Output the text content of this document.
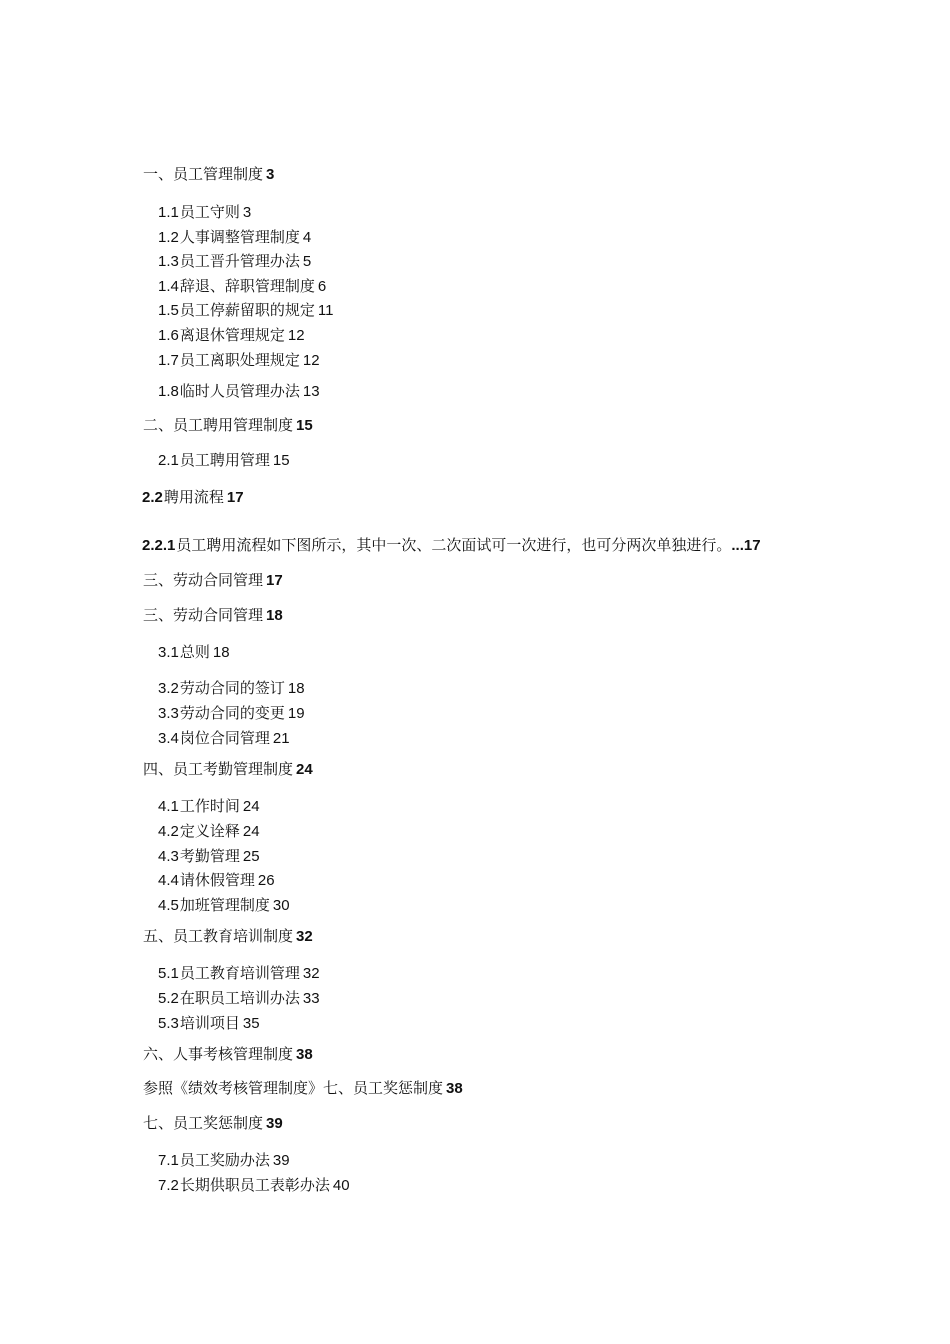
一、员工管理制度 3
1.1员工守则 3
1.2人事调整管理制度 4
1.3员工晋升管理办法 5
1.4辞退、辞职管理制度 6
1.5员工停薪留职的规定 11
1.6离退休管理规定 12
1.7员工离职处理规定 12
1.8临时人员管理办法 13
二、员工聘用管理制度 15
2.1员工聘用管理 15
2.2聘用流程 17
2.2.1员工聘用流程如下图所示，其中一次、二次面试可一次进行，也可分两次单独进行。...17
三、劳动合同管理 17
三、劳动合同管理 18
3.1总则 18
3.2劳动合同的签订 18
3.3劳动合同的变更 19
3.4岗位合同管理 21
四、员工考勤管理制度 24
4.1工作时间 24
4.2定义诠释 24
4.3考勤管理 25
4.4请休假管理 26
4.5加班管理制度 30
五、员工教育培训制度 32
5.1员工教育培训管理 32
5.2在职员工培训办法 33
5.3培训项目 35
六、人事考核管理制度 38
参照《绩效考核管理制度》七、员工奖惩制度 38
七、员工奖惩制度 39
7.1员工奖励办法 39
7.2长期供职员工表彰办法 40
